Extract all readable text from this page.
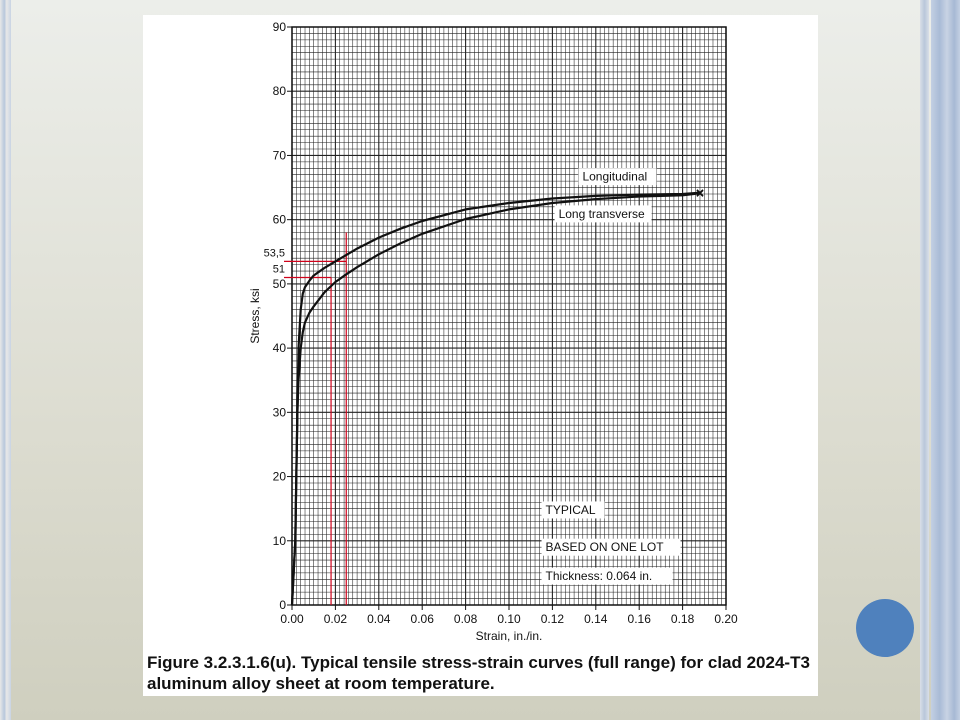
53,5
51
0.00 0.02 0.04 0.06 0.08 0.10 0.12 0.14 0.16 0.18 0.20
0
10
20
30
40
50
60
70
80
90
Longitudinal
Long transverse
TYPICAL
BASED ON ONE LOT
Thickness: 0.064 in.
Strain, in./in.
Stress, ksi
Figure 3.2.3.1.6(u). Typical tensile stress-strain curves (full range) for clad 2024-T3
aluminum alloy sheet at room temperature.
